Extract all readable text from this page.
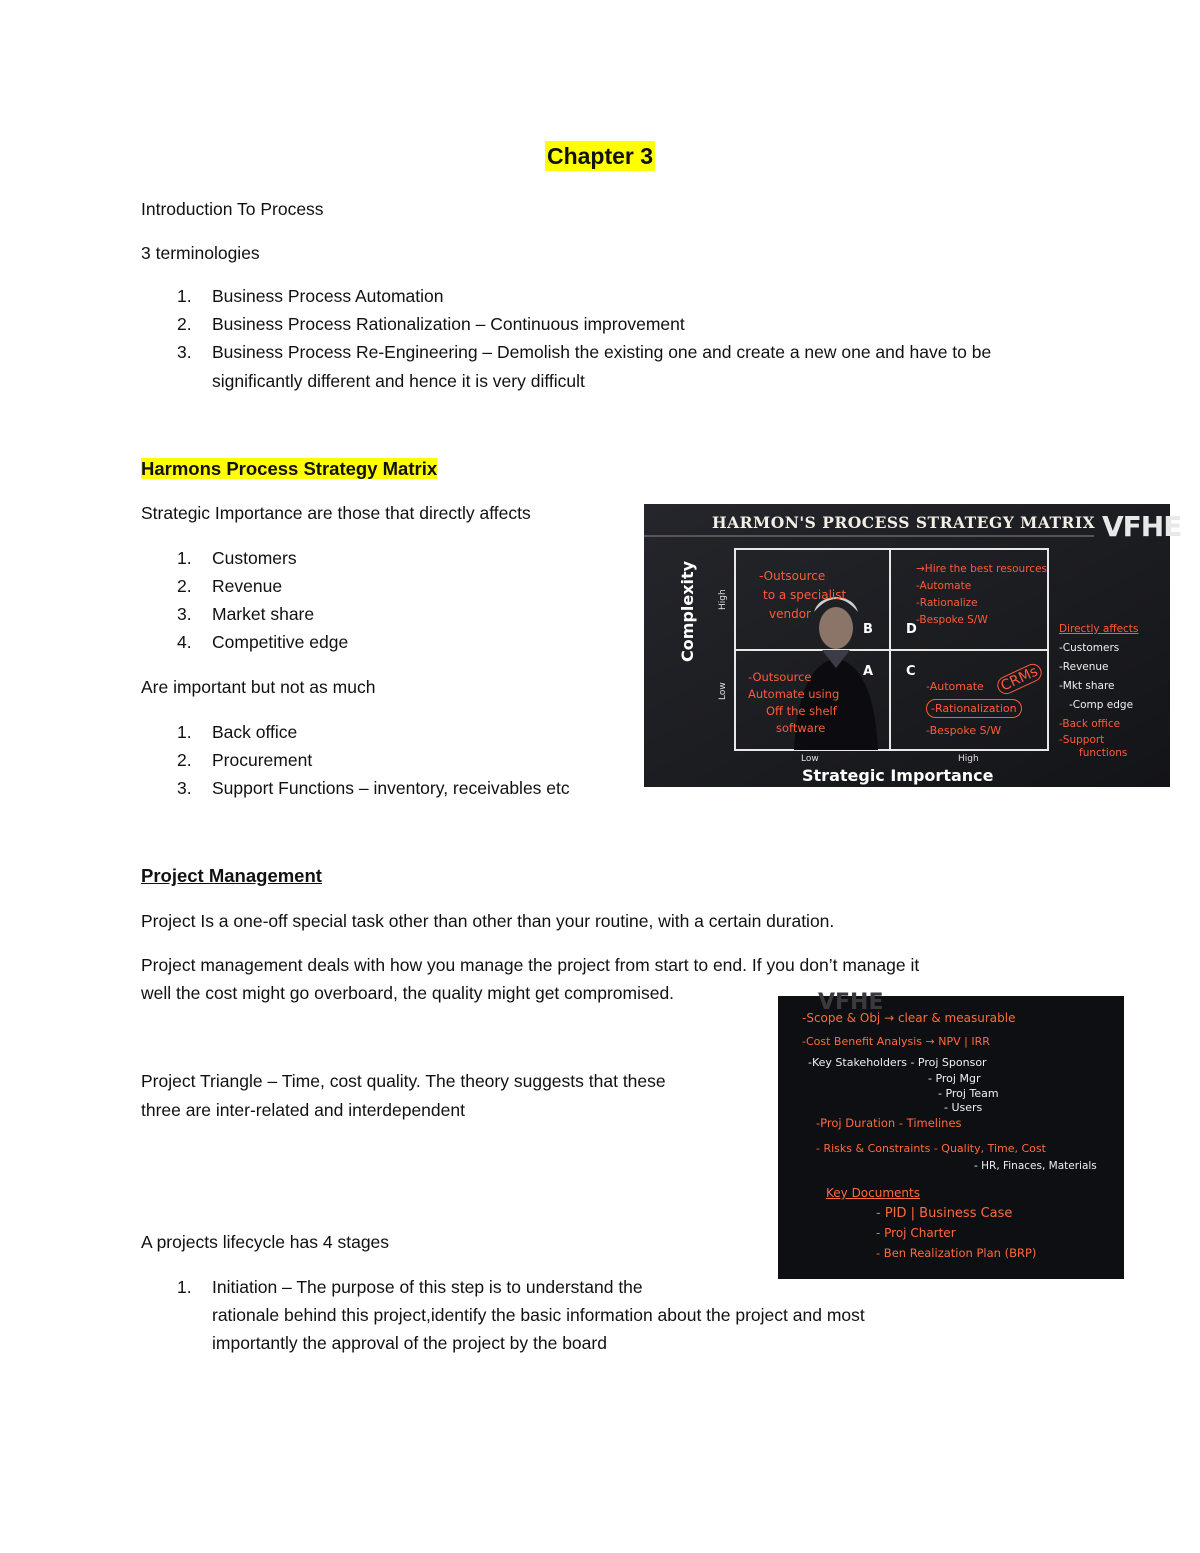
Chapter 3
Introduction To Process
3 terminologies
1. Business Process Automation
2. Business Process Rationalization – Continuous improvement
3. Business Process Re-Engineering – Demolish the existing one and create a new one and have to be significantly different and hence it is very difficult
Harmons Process Strategy Matrix
Strategic Importance are those that directly affects
1. Customers
2. Revenue
3. Market share
4. Competitive edge
Are important but not as much
1. Back office
2. Procurement
3. Support Functions – inventory, receivables etc
HARMON'S PROCESS STRATEGY MATRIX VFHE
Complexity High
Low
Low	High
Strategic Importance
B	D
A	C
-Outsource
to a specialist
vendor
→Hire the best resources
-Automate
-Rationalize
-Bespoke S/W
-Outsource
Automate using
Off the shelf
software
-Automate
-Rationalization
-Bespoke S/W
CRMs
Directly affects
-Customers
-Revenue
-Mkt share
-Comp edge
-Back office
-Support
functions
Project Management
Project Is a one-off special task other than other than your routine, with a certain duration.
Project management deals with how you manage the project from start to end. If you don’t manage it
well the cost might go overboard, the quality might get compromised.
Project Triangle – Time, cost quality. The theory suggests that these
three are inter-related and interdependent
A projects lifecycle has 4 stages
1. Initiation – The purpose of this step is to understand the
rationale behind this project,identify the basic information about the project and most
importantly the approval of the project by the board
VFHE
-Scope & Obj → clear & measurable
-Cost Benefit Analysis → NPV | IRR
-Key Stakeholders - Proj Sponsor
- Proj Mgr
- Proj Team
- Users
-Proj Duration - Timelines
- Risks & Constraints - Quality, Time, Cost
- HR, Finaces, Materials
Key Documents
- PID | Business Case
- Proj Charter
- Ben Realization Plan (BRP)
